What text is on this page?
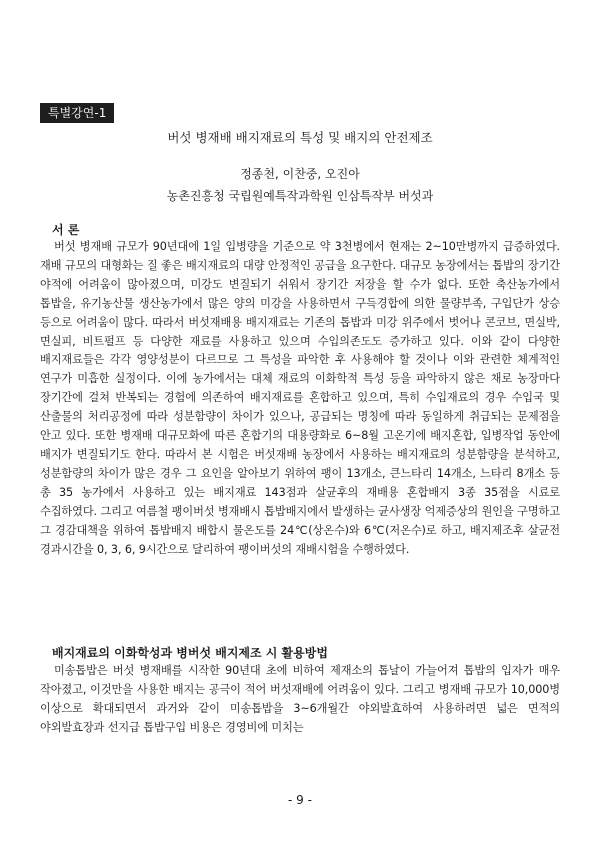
특별강연-1
버섯 병재배 배지재료의 특성 및 배지의 안전제조
정종천, 이찬중, 오진아
농촌진흥청 국립원예특작과학원 인삼특작부 버섯과
서 론
버섯 병재배 규모가 90년대에 1일 입병량을 기준으로 약 3천병에서 현재는 2~10만병까지 급증하였다. 재배 규모의 대형화는 질 좋은 배지재료의 대량 안정적인 공급을 요구한다. 대규모 농장에서는 톱밥의 장기간 야적에 어려움이 많아졌으며, 미강도 변질되기 쉬워서 장기간 저장을 할 수가 없다. 또한 축산농가에서 톱밥을, 유기농산물 생산농가에서 많은 양의 미강을 사용하면서 구득경합에 의한 물량부족, 구입단가 상승 등으로 어려움이 많다. 따라서 버섯재배용 배지재료는 기존의 톱밥과 미강 위주에서 벗어나 콘코브, 면실박, 면실피, 비트펄프 등 다양한 재료를 사용하고 있으며 수입의존도도 증가하고 있다. 이와 같이 다양한 배지재료들은 각각 영양성분이 다르므로 그 특성을 파악한 후 사용해야 할 것이나 이와 관련한 체계적인 연구가 미흡한 실정이다. 이에 농가에서는 대체 재료의 이화학적 특성 등을 파악하지 않은 채로 농장마다 장기간에 걸쳐 반복되는 경험에 의존하여 배지재료를 혼합하고 있으며, 특히 수입재료의 경우 수입국 및 산출물의 처리공정에 따라 성분함량이 차이가 있으나, 공급되는 명칭에 따라 동일하게 취급되는 문제점을 안고 있다. 또한 병재배 대규모화에 따른 혼합기의 대용량화로 6~8월 고온기에 배지혼합, 입병작업 동안에 배지가 변질되기도 한다. 따라서 본 시험은 버섯재배 농장에서 사용하는 배지재료의 성분함량을 분석하고, 성분함량의 차이가 많은 경우 그 요인을 알아보기 위하여 팽이 13개소, 큰느타리 14개소, 느타리 8개소 등 총 35 농가에서 사용하고 있는 배지재료 143점과 살균후의 재배용 혼합배지 3종 35점을 시료로 수집하였다. 그리고 여름철 팽이버섯 병재배시 톱밥배지에서 발생하는 균사생장 억제증상의 원인을 구명하고 그 경감대책을 위하여 톱밥배지 배합시 물온도를 24℃(상온수)와 6℃(저온수)로 하고, 배지제조후 살균전 경과시간을 0, 3, 6, 9시간으로 달리하여 팽이버섯의 재배시험을 수행하였다.
배지재료의 이화학성과 병버섯 배지제조 시 활용방법
미송톱밥은 버섯 병재배를 시작한 90년대 초에 비하여 제재소의 톱날이 가늘어져 톱밥의 입자가 매우 작아졌고, 이것만을 사용한 배지는 공극이 적어 버섯재배에 어려움이 있다. 그리고 병재배 규모가 10,000병 이상으로 확대되면서 과거와 같이 미송톱밥을 3~6개월간 야외발효하여 사용하려면 넓은 면적의 야외발효장과 선지급 톱밥구입 비용은 경영비에 미치는
- 9 -
